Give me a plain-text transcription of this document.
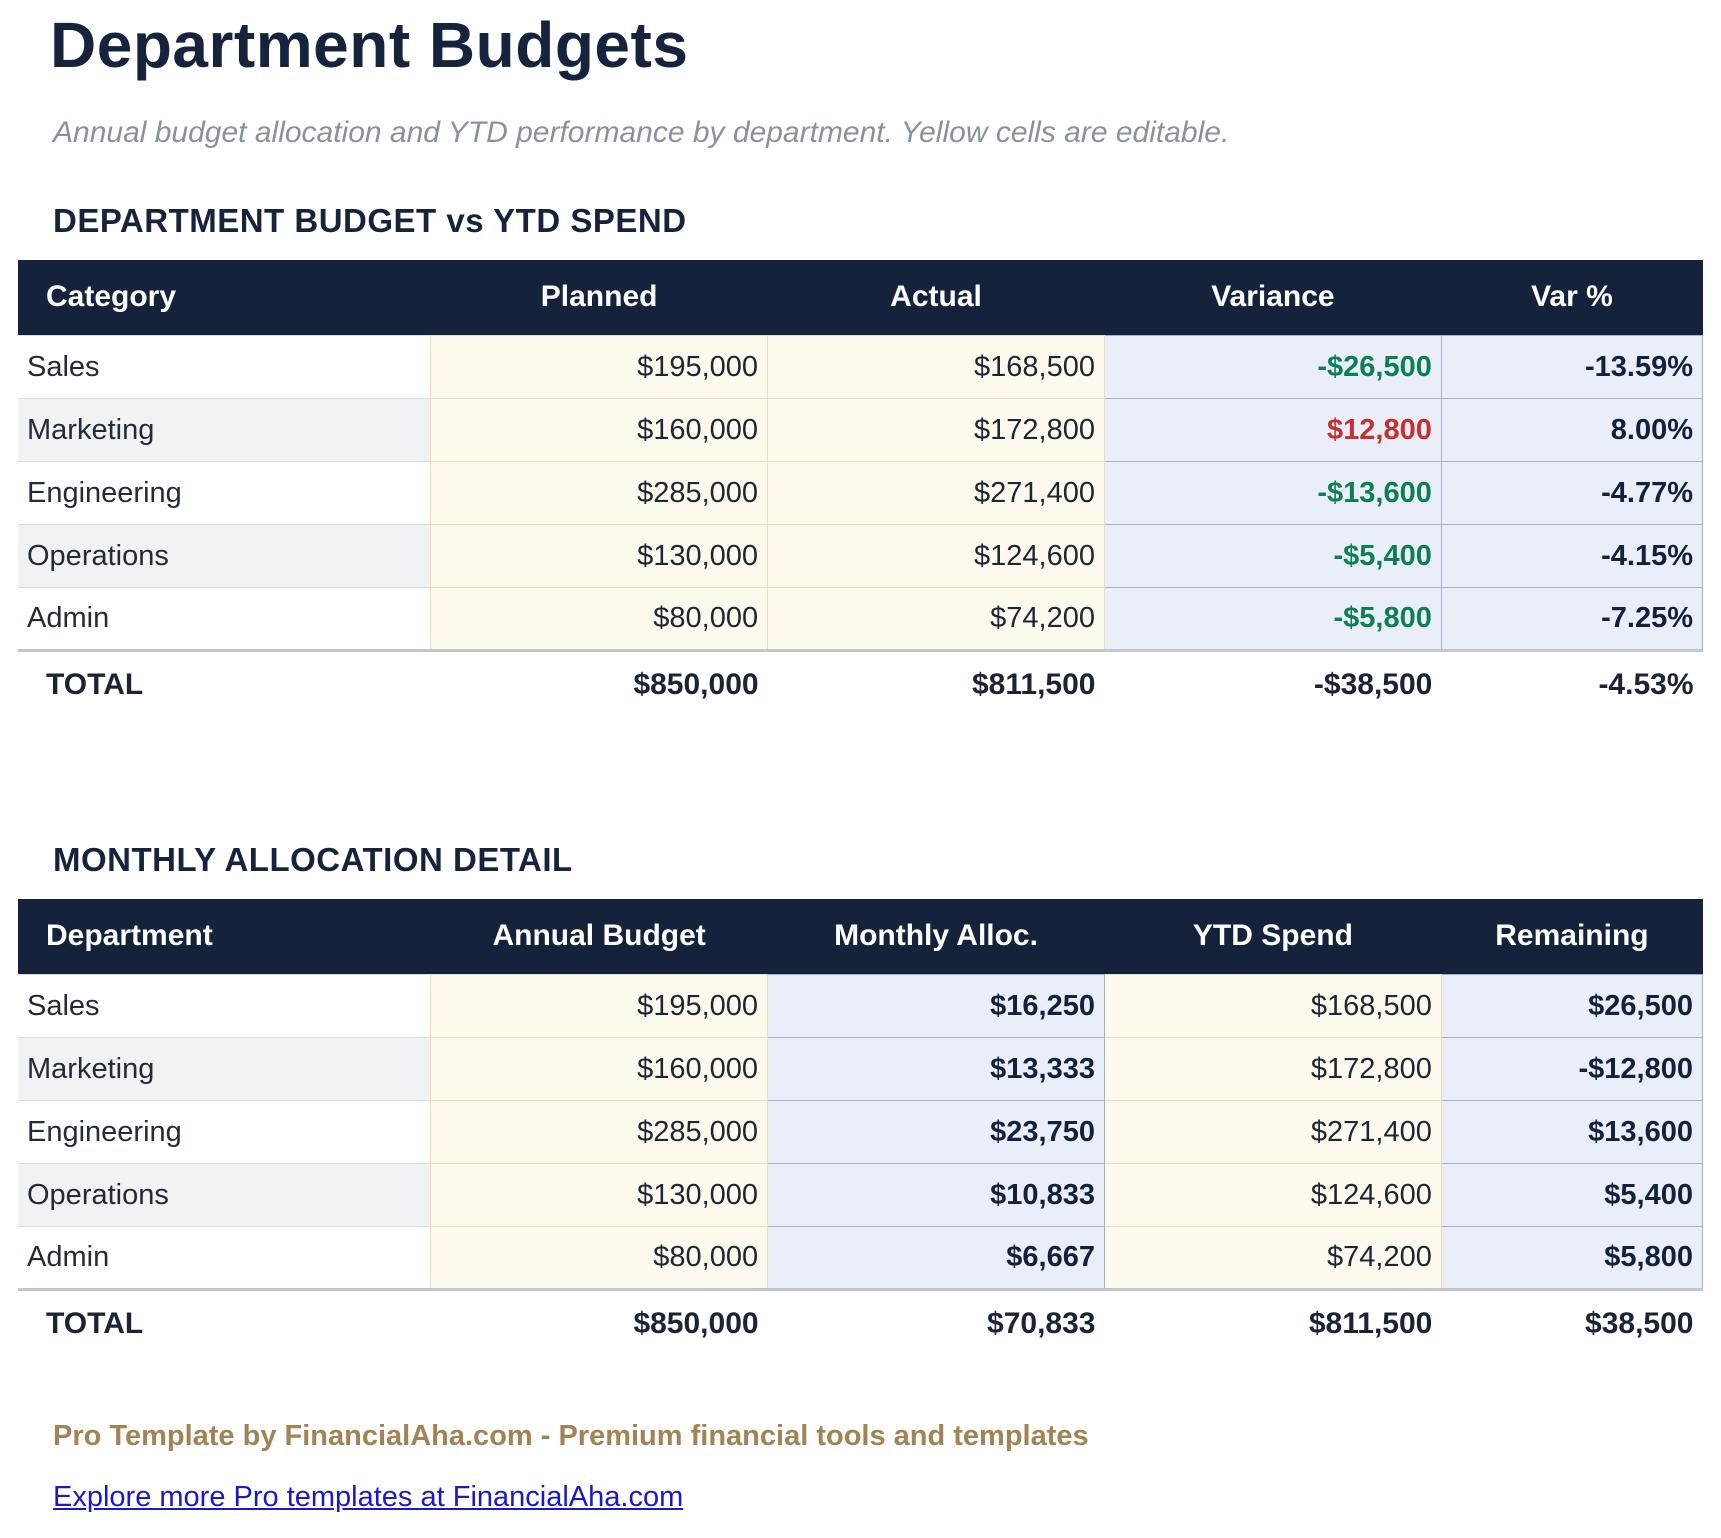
Department Budgets
Annual budget allocation and YTD performance by department. Yellow cells are editable.
DEPARTMENT BUDGET vs YTD SPEND
Category	Planned	Actual	Variance	Var %
Sales	$195,000	$168,500	-$26,500	-13.59%
Marketing	$160,000	$172,800	$12,800	8.00%
Engineering	$285,000	$271,400	-$13,600	-4.77%
Operations	$130,000	$124,600	-$5,400	-4.15%
Admin	$80,000	$74,200	-$5,800	-7.25%
TOTAL	$850,000	$811,500	-$38,500	-4.53%
MONTHLY ALLOCATION DETAIL
Department	Annual Budget	Monthly Alloc.	YTD Spend	Remaining
Sales	$195,000	$16,250	$168,500	$26,500
Marketing	$160,000	$13,333	$172,800	-$12,800
Engineering	$285,000	$23,750	$271,400	$13,600
Operations	$130,000	$10,833	$124,600	$5,400
Admin	$80,000	$6,667	$74,200	$5,800
TOTAL	$850,000	$70,833	$811,500	$38,500
Pro Template by FinancialAha.com - Premium financial tools and templates
Explore more Pro templates at FinancialAha.com
